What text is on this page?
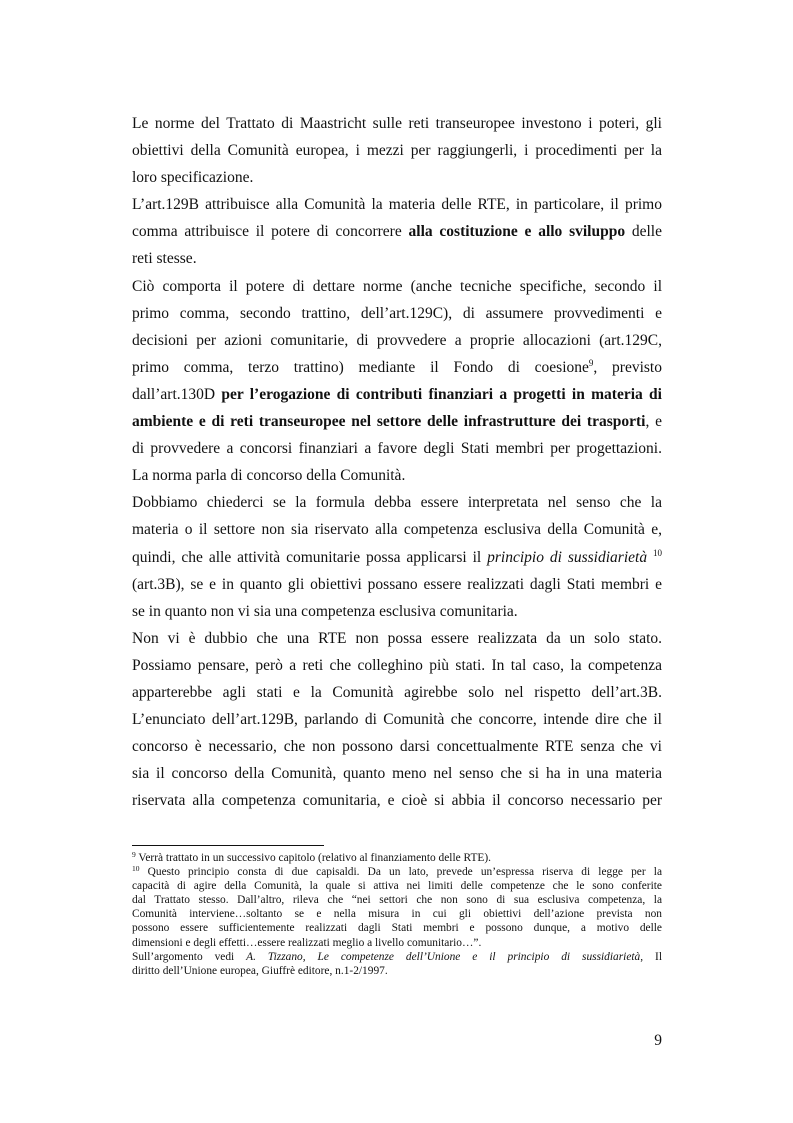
Le norme del Trattato di Maastricht sulle reti transeuropee investono i poteri, gli
obiettivi della Comunità europea, i mezzi per raggiungerli, i procedimenti per la
loro specificazione.
L’art.129B attribuisce alla Comunità la materia delle RTE, in particolare, il primo
comma attribuisce il potere di concorrere alla costituzione e allo sviluppo delle
reti stesse.
Ciò comporta il potere di dettare norme (anche tecniche specifiche, secondo il
primo comma, secondo trattino, dell’art.129C), di assumere provvedimenti e
decisioni per azioni comunitarie, di provvedere a proprie allocazioni (art.129C,
primo comma, terzo trattino) mediante il Fondo di coesione$^9$, previsto
dall’art.130D per l’erogazione di contributi finanziari a progetti in materia di
ambiente e di reti transeuropee nel settore delle infrastrutture dei trasporti, e
di provvedere a concorsi finanziari a favore degli Stati membri per progettazioni.
La norma parla di concorso della Comunità.
Dobbiamo chiederci se la formula debba essere interpretata nel senso che la
materia o il settore non sia riservato alla competenza esclusiva della Comunità e,
quindi, che alle attività comunitarie possa applicarsi il principio di sussidiarietà $^{10}$
(art.3B), se e in quanto gli obiettivi possano essere realizzati dagli Stati membri e
se in quanto non vi sia una competenza esclusiva comunitaria.
Non vi è dubbio che una RTE non possa essere realizzata da un solo stato.
Possiamo pensare, però a reti che colleghino più stati. In tal caso, la competenza
apparterebbe agli stati e la Comunità agirebbe solo nel rispetto dell’art.3B.
L’enunciato dell’art.129B, parlando di Comunità che concorre, intende dire che il
concorso è necessario, che non possono darsi concettualmente RTE senza che vi
sia il concorso della Comunità, quanto meno nel senso che si ha in una materia
riservata alla competenza comunitaria, e cioè si abbia il concorso necessario per
$^9$ Verrà trattato in un successivo capitolo (relativo al finanziamento delle RTE).
$^{10}$ Questo principio consta di due capisaldi. Da un lato, prevede un’espressa riserva di legge per la
capacità di agire della Comunità, la quale si attiva nei limiti delle competenze che le sono conferite
dal Trattato stesso. Dall’altro, rileva che “nei settori che non sono di sua esclusiva competenza, la
Comunità interviene…soltanto se e nella misura in cui gli obiettivi dell’azione prevista non
possono essere sufficientemente realizzati dagli Stati membri e possono dunque, a motivo delle
dimensioni e degli effetti…essere realizzati meglio a livello comunitario…”.
Sull’argomento vedi A. Tizzano, Le competenze dell’Unione e il principio di sussidiarietà, Il
diritto dell’Unione europea, Giuffrè editore, n.1-2/1997.
9
